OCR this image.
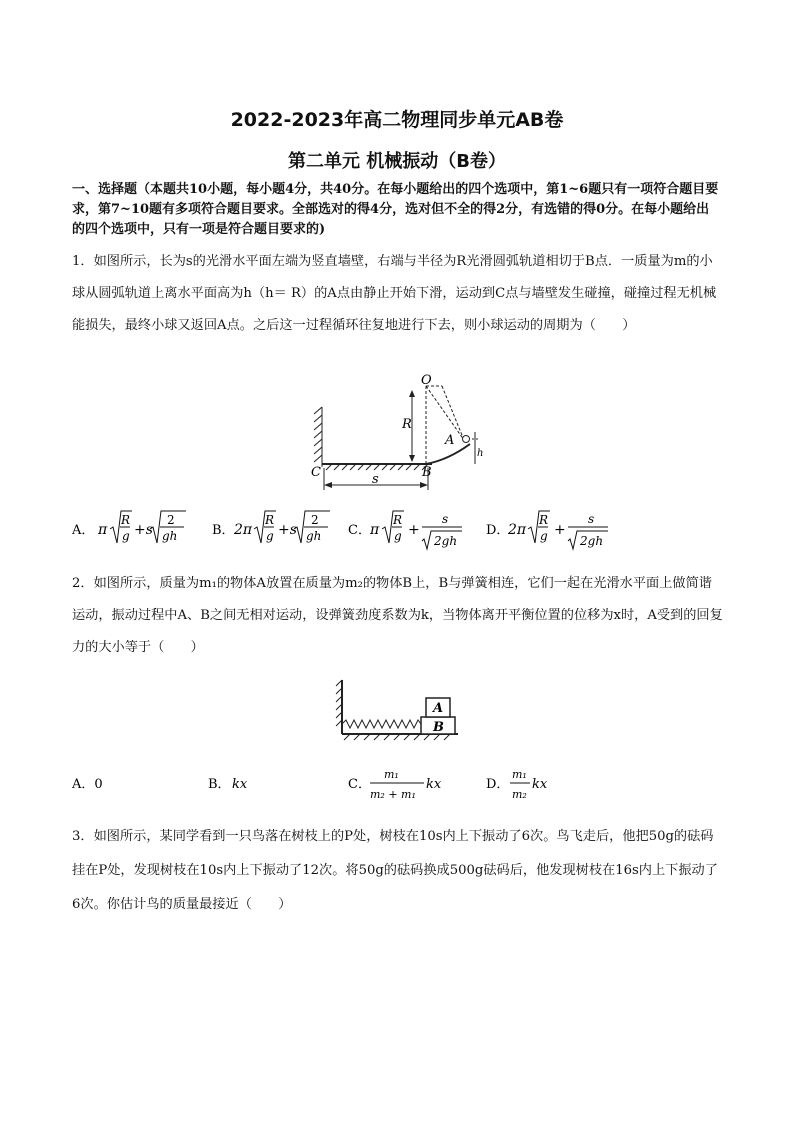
2022-2023年高二物理同步单元AB卷
第二单元 机械振动（B卷）
一、选择题（本题共10小题，每小题4分，共40分。在每小题给出的四个选项中，第1~6题只有一项符合题目要求，第7~10题有多项符合题目要求。全部选对的得4分，选对但不全的得2分，有选错的得0分。在每小题给出的四个选项中，只有一项是符合题目要求的)
1．如图所示，长为s的光滑水平面左端为竖直墙壁，右端与半径为R光滑圆弧轨道相切于B点．一质量为m的小球从圆弧轨道上离水平面高为h（h＝ R）的A点由静止开始下滑，运动到C点与墙壁发生碰撞，碰撞过程无机械能损失，最终小球又返回A点。之后这一过程循环往复地进行下去，则小球运动的周期为（　　）
O
R
A
h
C	B
s
A． π
R
g +s
2
gh	B． 2π
R
g +s
2
gh C． π
R
g +
s
2gh
D．
2π
R
g +
s
2gh
2．如图所示，质量为m₁的物体A放置在质量为m₂的物体B上，B与弹簧相连，它们一起在光滑水平面上做简谐运动，振动过程中A、B之间无相对运动，设弹簧劲度系数为k，当物体离开平衡位置的位移为x时，A受到的回复力的大小等于（　　）
A
B
A．0	B． kx	C．
m₁
m₂ + m₁
kx	D．
m₁
m₂
kx
3．如图所示，某同学看到一只鸟落在树枝上的P处，树枝在10s内上下振动了6次。鸟飞走后，他把50g的砝码挂在P处，发现树枝在10s内上下振动了12次。将50g的砝码换成500g砝码后，他发现树枝在16s内上下振动了6次。你估计鸟的质量最接近（　　）
